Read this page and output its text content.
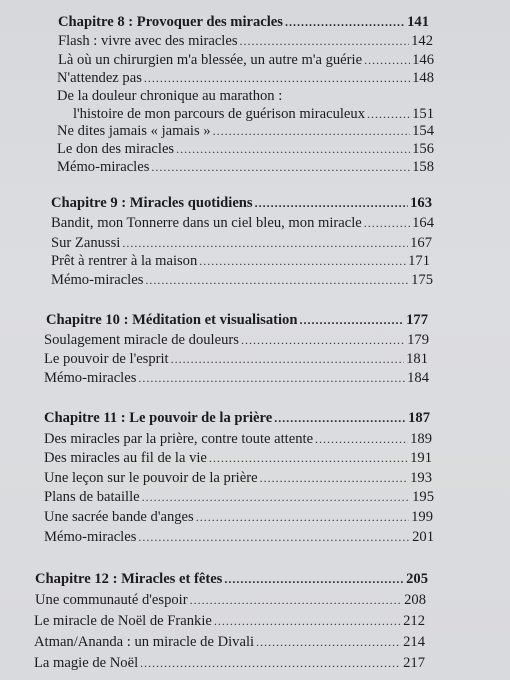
Chapitre 8 : Provoquer des miracles .....	141
Flash : vivre avec des miracles .....	142
Là où un chirurgien m'a blessée, un autre m'a guérie .....	146
N'attendez pas .....	148
De la douleur chronique au marathon :
l'histoire de mon parcours de guérison miraculeux .....	151
Ne dites jamais « jamais » .....	154
Le don des miracles .....	156
Mémo-miracles .....	158
Chapitre 9 : Miracles quotidiens .....	163
Bandit, mon Tonnerre dans un ciel bleu, mon miracle .....	164
Sur Zanussi .....	167
Prêt à rentrer à la maison .....	171
Mémo-miracles .....	175
Chapitre 10 : Méditation et visualisation .....	177
Soulagement miracle de douleurs .....	179
Le pouvoir de l'esprit .....	181
Mémo-miracles .....	184
Chapitre 11 : Le pouvoir de la prière .....	187
Des miracles par la prière, contre toute attente .....	189
Des miracles au fil de la vie .....	191
Une leçon sur le pouvoir de la prière .....	193
Plans de bataille .....	195
Une sacrée bande d'anges .....	199
Mémo-miracles .....	201
Chapitre 12 : Miracles et fêtes .....	205
Une communauté d'espoir .....	208
Le miracle de Noël de Frankie .....	212
Atman/Ananda : un miracle de Divali .....	214
La magie de Noël .....	217
